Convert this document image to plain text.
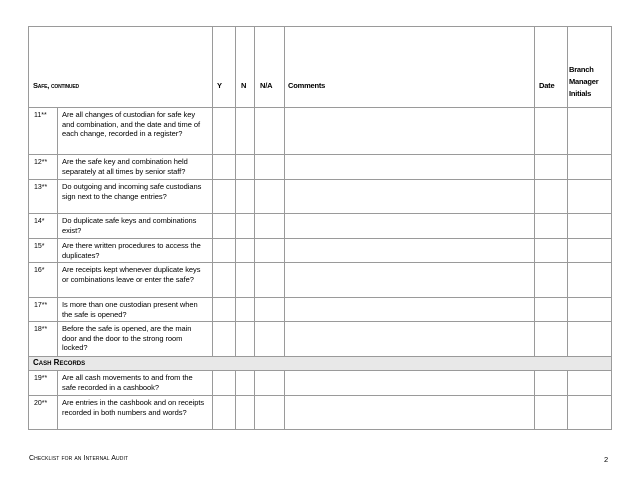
Safe, continued		Y	N	N/A	Comments	Date	Branch
Manager
Initials

11**	Are all changes of custodian for safe key and combination, and the date and time of each change, recorded in a register?						
12**	Are the safe key and combination held separately at all times by senior staff?						
13**	Do outgoing and incoming safe custodians sign next to the change entries?						
14*	Do duplicate safe keys and combinations exist?						
15*	Are there written procedures to access the duplicates?						
16*	Are receipts kept whenever duplicate keys or combinations leave or enter the safe?						
17**	Is more than one custodian present when the safe is opened?						
18**	Before the safe is opened, are the main door and the door to the strong room locked?						
Cash Records							
19**	Are all cash movements to and from the safe recorded in a cashbook?						
20**	Are entries in the cashbook and on receipts recorded in both numbers and words?						
Checklist for an Internal Audit	2
